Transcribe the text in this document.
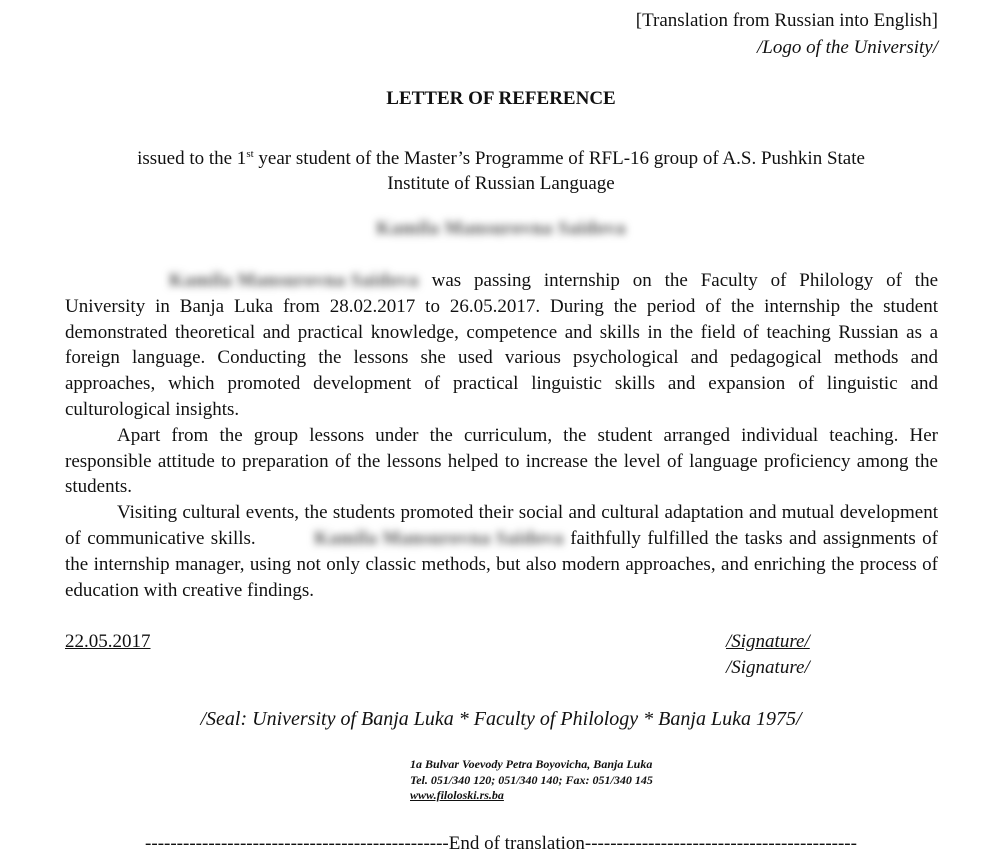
[Translation from Russian into English]
/Logo of the University/
LETTER OF REFERENCE
issued to the 1st year student of the Master’s Programme of RFL-16 group of A.S. Pushkin State
Institute of Russian Language
Kamila Mansurovna Saidova

Kamila Mansurovna Saidova was passing internship on the Faculty of Philology of the University in Banja Luka from 28.02.2017 to 26.05.2017. During the period of the internship the student demonstrated theoretical and practical knowledge, competence and skills in the field of teaching Russian as a foreign language. Conducting the lessons she used various psychological and pedagogical methods and approaches, which promoted development of practical linguistic skills and expansion of linguistic and culturological insights.

Apart from the group lessons under the curriculum, the student arranged individual teaching. Her responsible attitude to preparation of the lessons helped to increase the level of language proficiency among the students.

Visiting cultural events, the students promoted their social and cultural adaptation and mutual development of communicative skills.	Kamila Mansurovna Saidova faithfully fulfilled the tasks and assignments of the internship manager, using not only classic methods, but also modern approaches, and enriching the process of education with creative findings.

22.05.2017	/Signature/
/Signature/
/Seal: University of Banja Luka * Faculty of Philology * Banja Luka 1975/
1a Bulvar Voevody Petra Boyovicha, Banja Luka
Tel. 051/340 120; 051/340 140; Fax: 051/340 145
www.filoloski.rs.ba
------------------------------------------------End of translation-------------------------------------------
